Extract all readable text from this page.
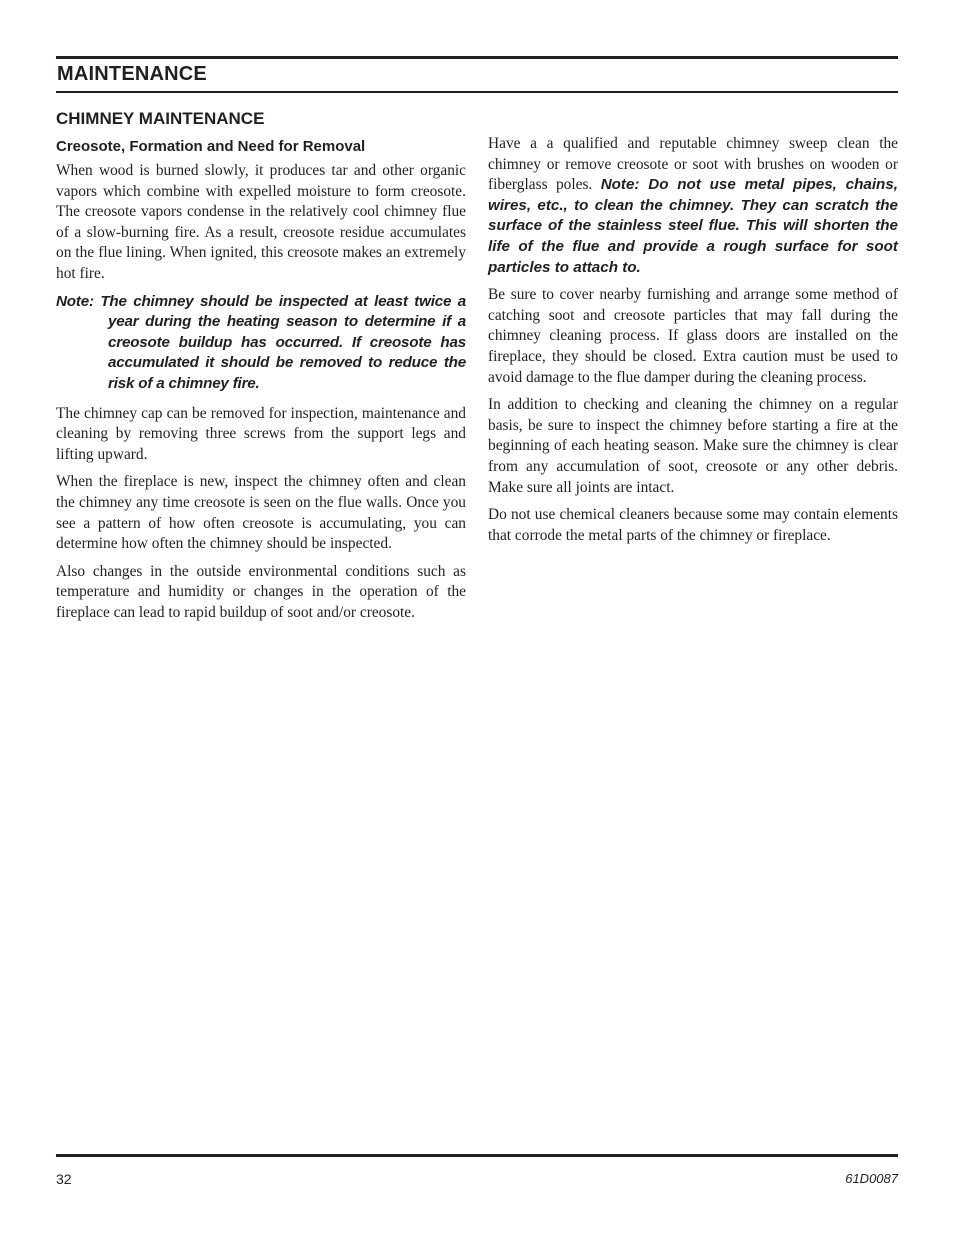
MAINTENANCE
CHIMNEY MAINTENANCE
Creosote, Formation and Need for Removal

When wood is burned slowly, it produces tar and other organic vapors which combine with expelled moisture to form creosote. The creosote vapors condense in the relatively cool chimney flue of a slow-burning fire. As a result, creosote residue accumulates on the flue lining. When ignited, this creosote makes an extremely hot fire.

Note: The chimney should be inspected at least twice a year during the heating season to determine if a creosote buildup has occurred. If creosote has accumulated it should be removed to reduce the risk of a chimney fire.

The chimney cap can be removed for inspection, maintenance and cleaning by removing three screws from the support legs and lifting upward.

When the fireplace is new, inspect the chimney often and clean the chimney any time creosote is seen on the flue walls. Once you see a pattern of how often creosote is accumulating, you can determine how often the chimney should be inspected.

Also changes in the outside environmental conditions such as temperature and humidity or changes in the operation of the fireplace can lead to rapid buildup of soot and/or creosote.

Have a a qualified and reputable chimney sweep clean the chimney or remove creosote or soot with brushes on wooden or fiberglass poles. Note: Do not use metal pipes, chains, wires, etc., to clean the chimney. They can scratch the surface of the stainless steel flue. This will shorten the life of the flue and provide a rough surface for soot particles to attach to.

Be sure to cover nearby furnishing and arrange some method of catching soot and creosote particles that may fall during the chimney cleaning process. If glass doors are installed on the fireplace, they should be closed. Extra caution must be used to avoid damage to the flue damper during the cleaning process.

In addition to checking and cleaning the chimney on a regular basis, be sure to inspect the chimney before starting a fire at the beginning of each heating season. Make sure the chimney is clear from any accumulation of soot, creosote or any other debris. Make sure all joints are intact.

Do not use chemical cleaners because some may contain elements that corrode the metal parts of the chimney or fireplace.

32	61D0087
